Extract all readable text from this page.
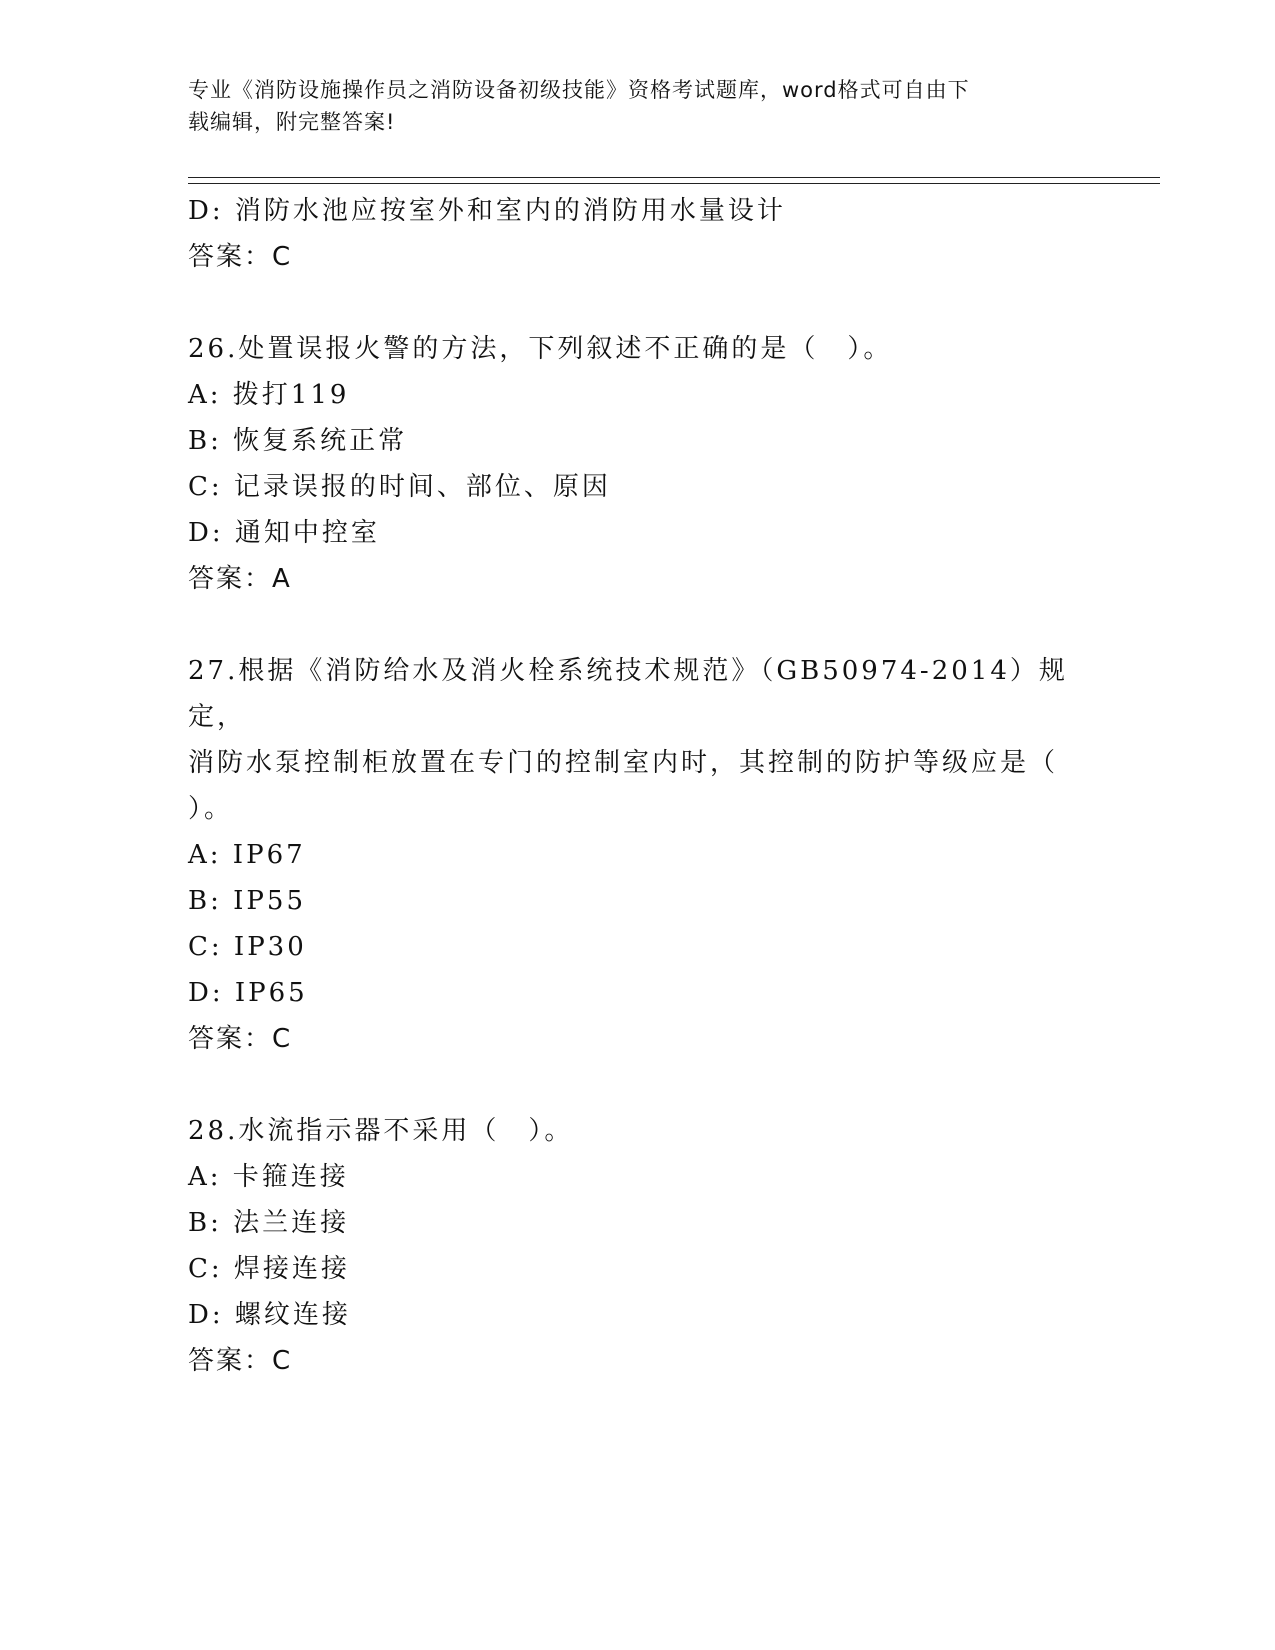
专业《消防设施操作员之消防设备初级技能》资格考试题库，word格式可自由下
载编辑，附完整答案!
D: 消防水池应按室外和室内的消防用水量设计
答案：C
26.处置误报火警的方法，下列叙述不正确的是（　）。
A: 拨打119
B: 恢复系统正常
C: 记录误报的时间、部位、原因
D: 通知中控室
答案：A
27.根据《消防给水及消火栓系统技术规范》（GB50974-2014）规定，
消防水泵控制柜放置在专门的控制室内时，其控制的防护等级应是（
）。
A: IP67
B: IP55
C: IP30
D: IP65
答案：C
28.水流指示器不采用（　）。
A: 卡箍连接
B: 法兰连接
C: 焊接连接
D: 螺纹连接
答案：C
